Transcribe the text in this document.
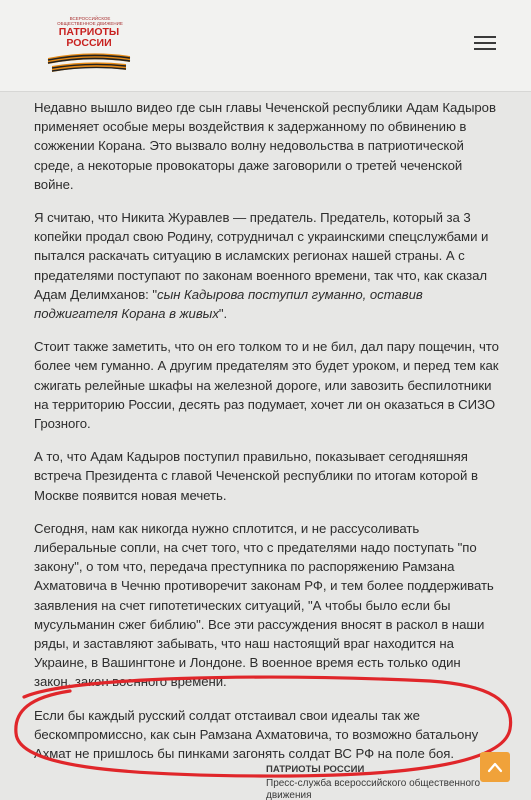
ВСЕРОССИЙСКОЕ ОБЩЕСТВЕННОЕ ДВИЖЕНИЕ
ПАТРИОТЫ РОССИИ

Недавно вышло видео где сын главы Чеченской республики Адам Кадыров применяет особые меры воздействия к задержанному по обвинению в сожжении Корана. Это вызвало волну недовольства в патриотической среде, а некоторые провокаторы даже заговорили о третей чеченской войне.

Я считаю, что Никита Журавлев — предатель. Предатель, который за 3 копейки продал свою Родину, сотрудничал с украинскими спецслужбами и пытался раскачать ситуацию в исламских регионах нашей страны. А с предателями поступают по законам военного времени, так что, как сказал Адам Делимханов: "сын Кадырова поступил гуманно, оставив поджигателя Корана в живых".

Стоит также заметить, что он его толком то и не бил, дал пару пощечин, что более чем гуманно. А другим предателям это будет уроком, и перед тем как сжигать релейные шкафы на железной дороге, или завозить беспилотники на территорию России, десять раз подумает, хочет ли он оказаться в СИЗО Грозного.

А то, что Адам Кадыров поступил правильно, показывает сегодняшняя встреча Президента с главой Чеченской республики по итогам которой в Москве появится новая мечеть.

Сегодня, нам как никогда нужно сплотится, и не рассусоливать либеральные сопли, на счет того, что с предателями надо поступать "по закону", о том что, передача преступника по распоряжению Рамзана Ахматовича в Чечню противоречит законам РФ, и тем более поддерживать заявления на счет гипотетических ситуаций, "А чтобы было если бы мусульманин сжег библию". Все эти рассуждения вносят в раскол в наши ряды, и заставляют забывать, что наш настоящий враг находится на Украине, в Вашингтоне и Лондоне. В военное время есть только один закон, закон военного времени.

Если бы каждый русский солдат отстаивал свои идеалы так же бескомпромиссно, как сын Рамзана Ахматовича, то возможно батальону Ахмат не пришлось бы пинками загонять солдат ВС РФ на поле боя.

ПАТРИОТЫ РОССИИ
Пресс-служба всероссийского общественного движения
